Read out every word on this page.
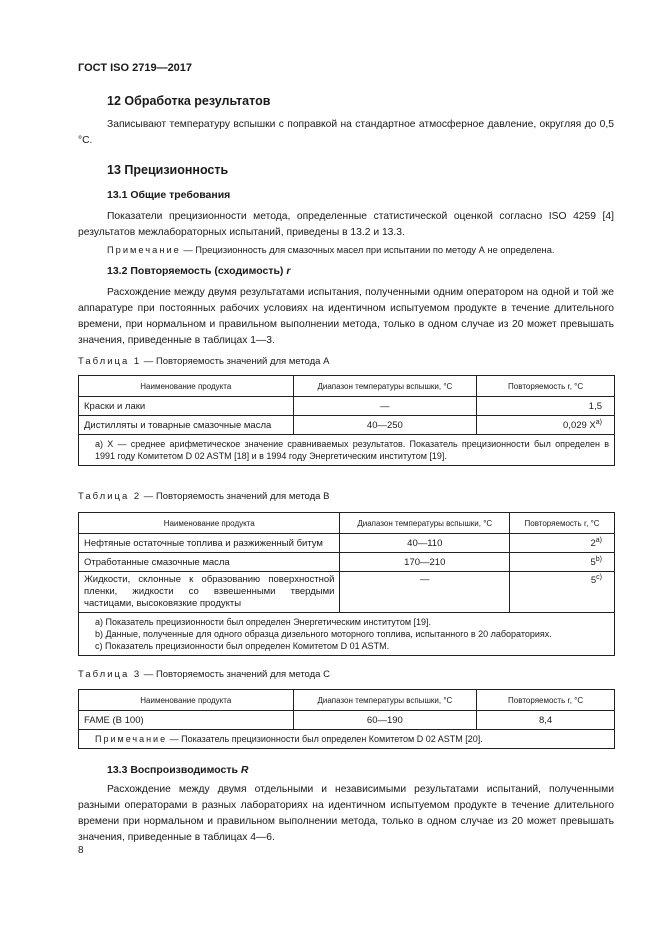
ГОСТ ISO 2719—2017
12 Обработка результатов
Записывают температуру вспышки с поправкой на стандартное атмосферное давление, округляя до 0,5 °С.
13 Прецизионность
13.1 Общие требования
Показатели прецизионности метода, определенные статистической оценкой согласно ISO 4259 [4] результатов межлабораторных испытаний, приведены в 13.2 и 13.3.
Примечание — Прецизионность для смазочных масел при испытании по методу А не определена.
13.2 Повторяемость (сходимость) r
Расхождение между двумя результатами испытания, полученными одним оператором на одной и той же аппаратуре при постоянных рабочих условиях на идентичном испытуемом продукте в течение длительного времени, при нормальном и правильном выполнении метода, только в одном случае из 20 может превышать значения, приведенные в таблицах 1—3.
Таблица 1 — Повторяемость значений для метода А
Наименование продукта	Диапазон температуры вспышки, °С	Повторяемость r, °С
Краски и лаки	—	1,5
Дистилляты и товарные смазочные масла	40—250	0,029 $X^{а)}$
а) X — среднее арифметическое значение сравниваемых результатов. Показатель прецизионности был определен в 1991 году Комитетом D 02 ASTM [18] и в 1994 году Энергетическим институтом [19].		
Таблица 2 — Повторяемость значений для метода В
Наименование продукта	Диапазон температуры вспышки, °С	Повторяемость r, °С
Нефтяные остаточные топлива и разжиженный битум	40—110	$2^{а)}$
Отработанные смазочные масла	170—210	5$^{b)}$
Жидкости, склонные к образованию поверхностной пленки, жидкости со взвешенными твердыми частицами, высоковязкие продукты	—	5$^{c)}$

а) Показатель прецизионности был определен Энергетическим институтом [19].
b) Данные, полученные для одного образца дизельного моторного топлива, испытанного в 20 лабораториях.
c) Показатель прецизионности был определен Комитетом D 01 ASTM.		
Таблица 3 — Повторяемость значений для метода С
Наименование продукта	Диапазон температуры вспышки, °С	Повторяемость r, °С
FAME (В 100)	60—190	8,4
Примечание — Показатель прецизионности был определен Комитетом D 02 ASTM [20].		
13.3 Воспроизводимость R
Расхождение между двумя отдельными и независимыми результатами испытаний, полученными разными операторами в разных лабораториях на идентичном испытуемом продукте в течение длительного времени при нормальном и правильном выполнении метода, только в одном случае из 20 может превышать значения, приведенные в таблицах 4—6.
8
